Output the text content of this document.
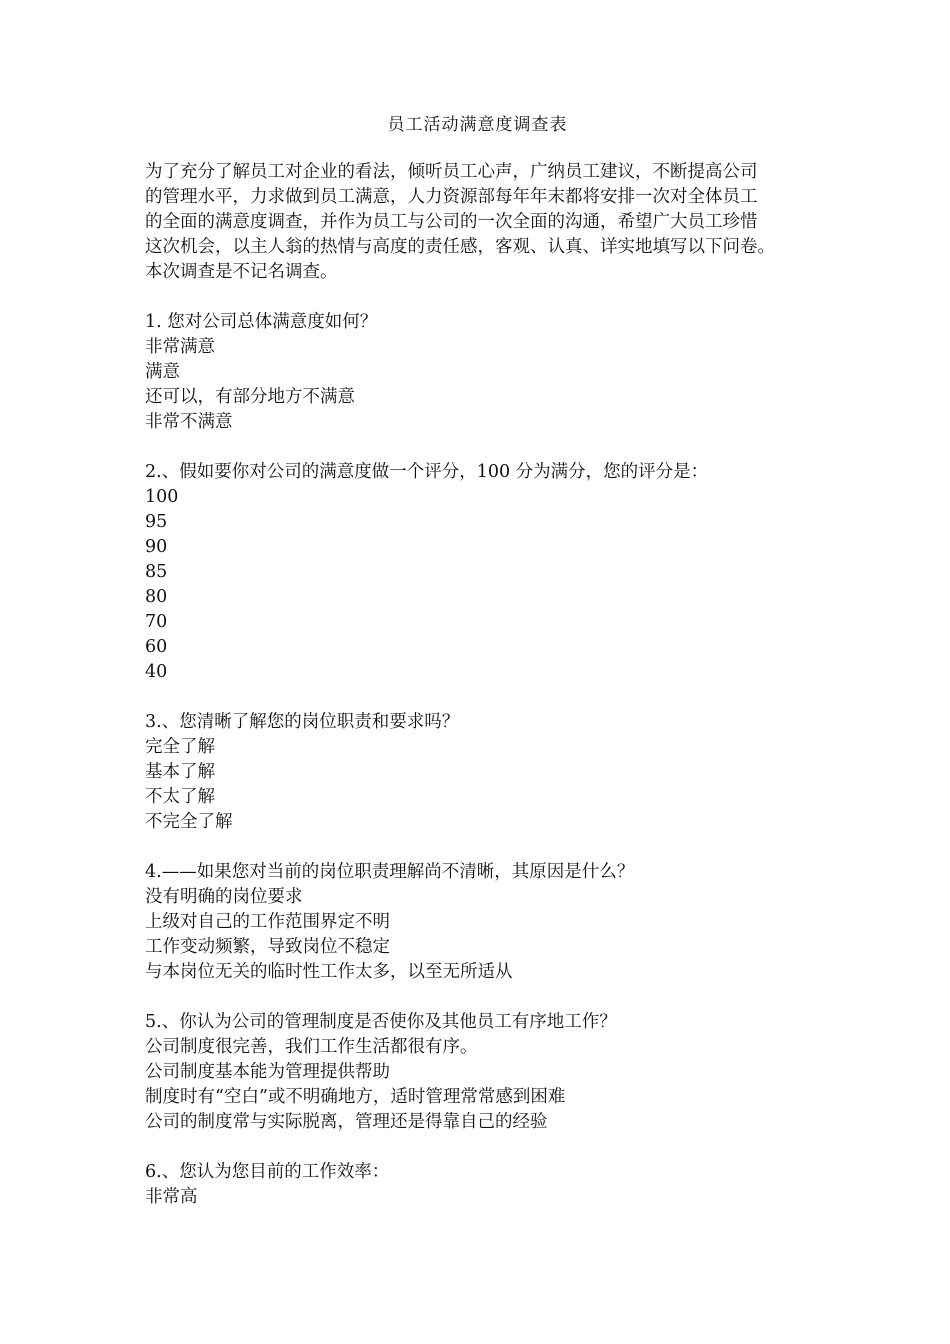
员工活动满意度调查表

为了充分了解员工对企业的看法，倾听员工心声，广纳员工建议，不断提高公司

的管理水平，力求做到员工满意，人力资源部每年年末都将安排一次对全体员工

的全面的满意度调查，并作为员工与公司的一次全面的沟通，希望广大员工珍惜

这次机会，以主人翁的热情与高度的责任感，客观、认真、详实地填写以下问卷。

本次调查是不记名调查。

1. 您对公司总体满意度如何？

非常满意

满意

还可以，有部分地方不满意

非常不满意

2.、假如要你对公司的满意度做一个评分，100 分为满分，您的评分是：

100

95

90

85

80

70

60

40

3.、您清晰了解您的岗位职责和要求吗？

完全了解

基本了解

不太了解

不完全了解

4.——如果您对当前的岗位职责理解尚不清晰，其原因是什么？

没有明确的岗位要求

上级对自己的工作范围界定不明

工作变动频繁，导致岗位不稳定

与本岗位无关的临时性工作太多，以至无所适从

5.、你认为公司的管理制度是否使你及其他员工有序地工作？

公司制度很完善，我们工作生活都很有序。

公司制度基本能为管理提供帮助

制度时有“空白”或不明确地方，适时管理常常感到困难

公司的制度常与实际脱离，管理还是得靠自己的经验

6.、您认为您目前的工作效率：

非常高
